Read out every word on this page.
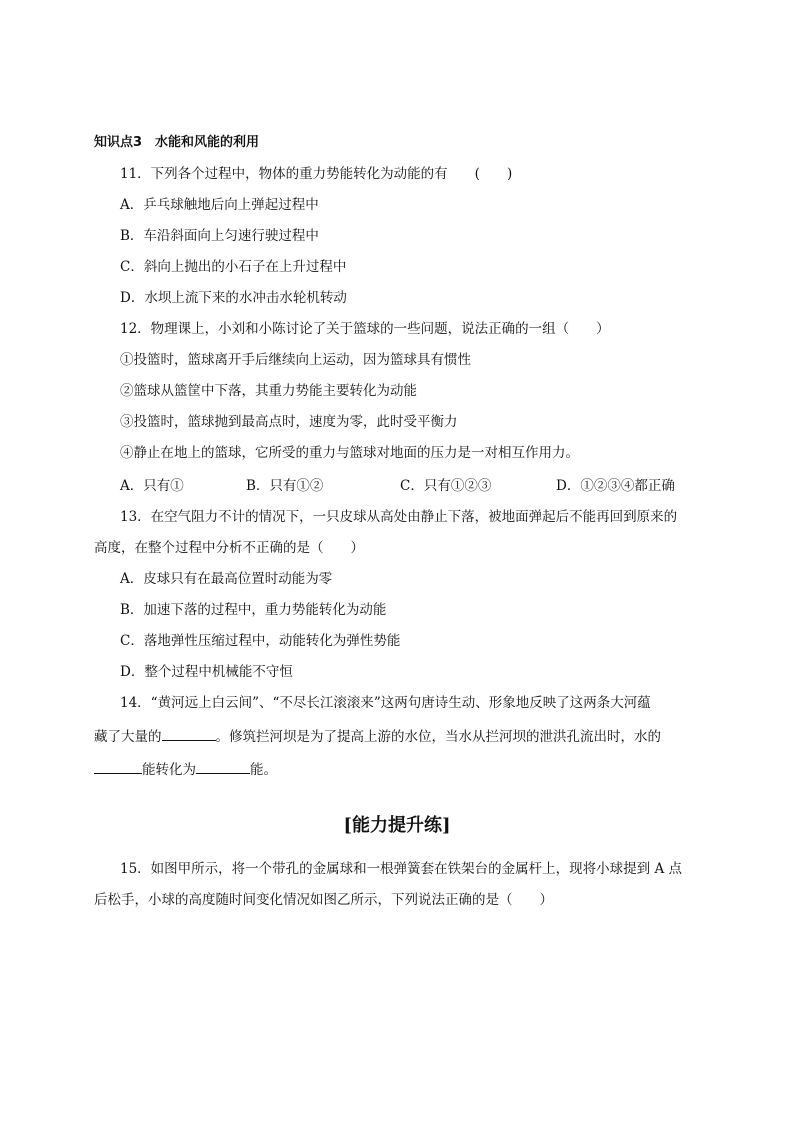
知识点3　水能和风能的利用
11．下列各个过程中，物体的重力势能转化为动能的有　　(　　)
A．乒乓球触地后向上弹起过程中
B．车沿斜面向上匀速行驶过程中
C．斜向上抛出的小石子在上升过程中
D．水坝上流下来的水冲击水轮机转动
12．物理课上，小刘和小陈讨论了关于篮球的一些问题，说法正确的一组（　　）
①投篮时，篮球离开手后继续向上运动，因为篮球具有惯性
②篮球从篮筐中下落，其重力势能主要转化为动能
③投篮时，篮球抛到最高点时，速度为零，此时受平衡力
④静止在地上的篮球，它所受的重力与篮球对地面的压力是一对相互作用力。
A．只有①	B．只有①②	C．只有①②③	D．①②③④都正确
13．在空气阻力不计的情况下，一只皮球从高处由静止下落，被地面弹起后不能再回到原来的
高度，在整个过程中分析不正确的是（　　）
A．皮球只有在最高位置时动能为零
B．加速下落的过程中，重力势能转化为动能
C．落地弹性压缩过程中，动能转化为弹性势能
D．整个过程中机械能不守恒
14．“黄河远上白云间”、“不尽长江滚滚来”这两句唐诗生动、形象地反映了这两条大河蕴
藏了大量的	。修筑拦河坝是为了提高上游的水位，当水从拦河坝的泄洪孔流出时，水的
能转化为	能。
[能力提升练]
15．如图甲所示，将一个带孔的金属球和一根弹簧套在铁架台的金属杆上，现将小球提到 A 点
后松手，小球的高度随时间变化情况如图乙所示，下列说法正确的是（　　）
